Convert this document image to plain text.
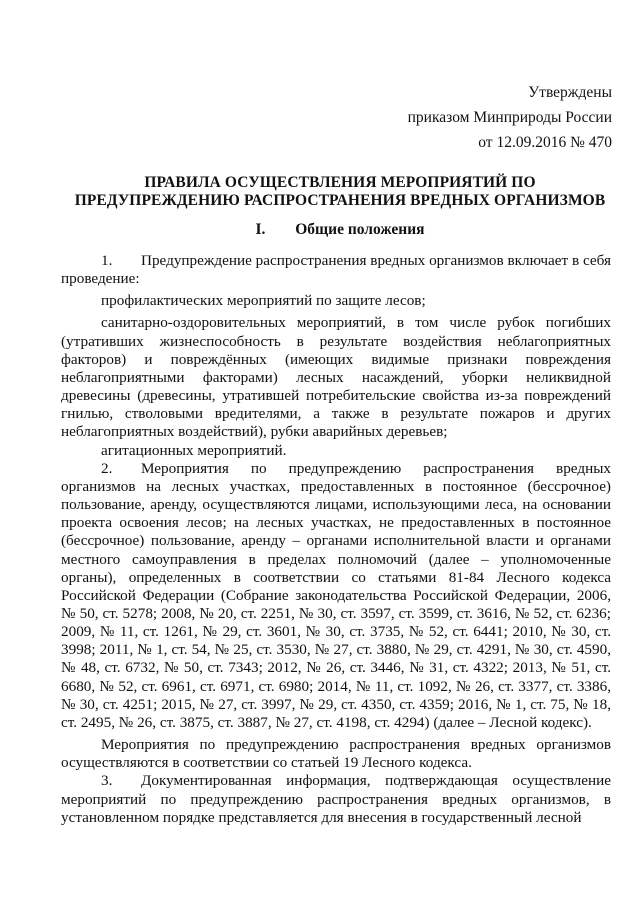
Утверждены
приказом Минприроды России
от 12.09.2016 № 470
ПРАВИЛА ОСУЩЕСТВЛЕНИЯ МЕРОПРИЯТИЙ ПО
ПРЕДУПРЕЖДЕНИЮ РАСПРОСТРАНЕНИЯ ВРЕДНЫХ ОРГАНИЗМОВ
I. Общие положения

1. Предупреждение распространения вредных организмов включает в себя проведение:

профилактических мероприятий по защите лесов;

санитарно-оздоровительных мероприятий, в том числе рубок погибших (утративших жизнеспособность в результате воздействия неблагоприятных факторов) и повреждённых (имеющих видимые признаки повреждения неблагоприятными факторами) лесных насаждений, уборки неликвидной древесины (древесины, утратившей потребительские свойства из-за повреждений гнилью, стволовыми вредителями, а также в результате пожаров и других неблагоприятных воздействий), рубки аварийных деревьев;

агитационных мероприятий.

2. Мероприятия по предупреждению распространения вредных организмов на лесных участках, предоставленных в постоянное (бессрочное) пользование, аренду, осуществляются лицами, использующими леса, на основании проекта освоения лесов; на лесных участках, не предоставленных в постоянное (бессрочное) пользование, аренду – органами исполнительной власти и органами местного самоуправления в пределах полномочий (далее – уполномоченные органы), определенных в соответствии со статьями 81-84 Лесного кодекса Российской Федерации (Собрание законодательства Российской Федерации, 2006, № 50, ст. 5278; 2008, № 20, ст. 2251, № 30, ст. 3597, ст. 3599, ст. 3616, № 52, ст. 6236; 2009, № 11, ст. 1261, № 29, ст. 3601, № 30, ст. 3735, № 52, ст. 6441; 2010, № 30, ст. 3998; 2011, № 1, ст. 54, № 25, ст. 3530, № 27, ст. 3880, № 29, ст. 4291, № 30, ст. 4590, № 48, ст. 6732, № 50, ст. 7343; 2012, № 26, ст. 3446, № 31, ст. 4322; 2013, № 51, ст. 6680, № 52, ст. 6961, ст. 6971, ст. 6980; 2014, № 11, ст. 1092, № 26, ст. 3377, ст. 3386, № 30, ст. 4251; 2015, № 27, ст. 3997, № 29, ст. 4350, ст. 4359; 2016, № 1, ст. 75, № 18, ст. 2495, № 26, ст. 3875, ст. 3887, № 27, ст. 4198, ст. 4294) (далее – Лесной кодекс).

Мероприятия по предупреждению распространения вредных организмов осуществляются в соответствии со статьей 19 Лесного кодекса.

3. Документированная информация, подтверждающая осуществление мероприятий по предупреждению распространения вредных организмов, в установленном порядке представляется для внесения в государственный лесной
